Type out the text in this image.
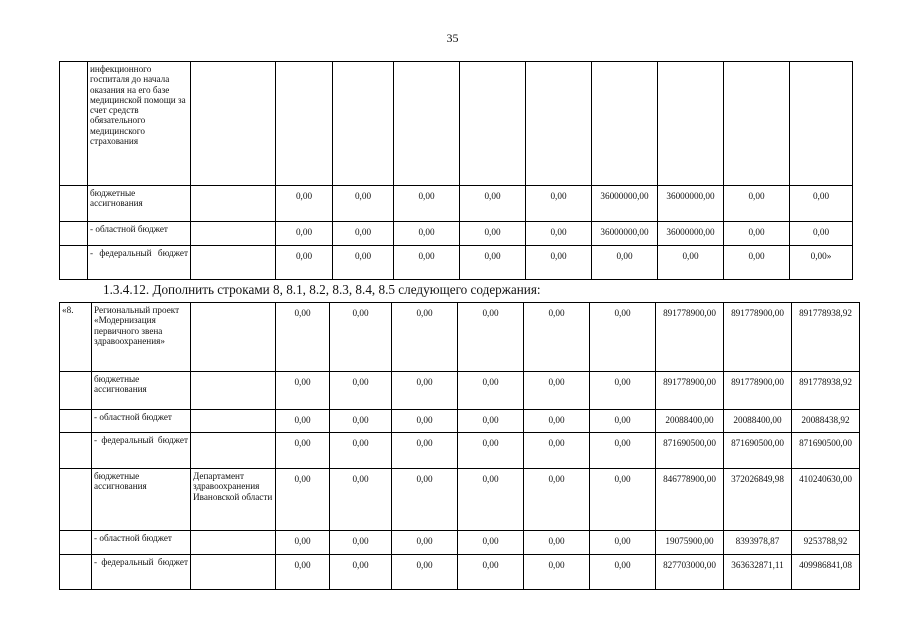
35
	инфекционного госпиталя до начала оказания на его базе медицинской помощи за счет средств обязательного медицинского страхования										
	бюджетные ассигнования		0,00	0,00	0,00	0,00	0,00	36000000,00	36000000,00	0,00	0,00
	- областной бюджет		0,00	0,00	0,00	0,00	0,00	36000000,00	36000000,00	0,00	0,00
	- федеральный бюджет		0,00	0,00	0,00	0,00	0,00	0,00	0,00	0,00	0,00»
1.3.4.12. Дополнить строками 8, 8.1, 8.2, 8.3, 8.4, 8.5 следующего содержания:
«8.	Региональный проект «Модернизация первичного звена здравоохранения»		0,00	0,00	0,00	0,00	0,00	0,00	891778900,00	891778900,00	891778938,92
	бюджетные ассигнования		0,00	0,00	0,00	0,00	0,00	0,00	891778900,00	891778900,00	891778938,92
	- областной бюджет		0,00	0,00	0,00	0,00	0,00	0,00	20088400,00	20088400,00	20088438,92
	- федеральный бюджет		0,00	0,00	0,00	0,00	0,00	0,00	871690500,00	871690500,00	871690500,00
	бюджетные ассигнования	Департамент здравоохранения Ивановской области	0,00	0,00	0,00	0,00	0,00	0,00	846778900,00	372026849,98	410240630,00
	- областной бюджет		0,00	0,00	0,00	0,00	0,00	0,00	19075900,00	8393978,87	9253788,92
	- федеральный бюджет		0,00	0,00	0,00	0,00	0,00	0,00	827703000,00	363632871,11	409986841,08
